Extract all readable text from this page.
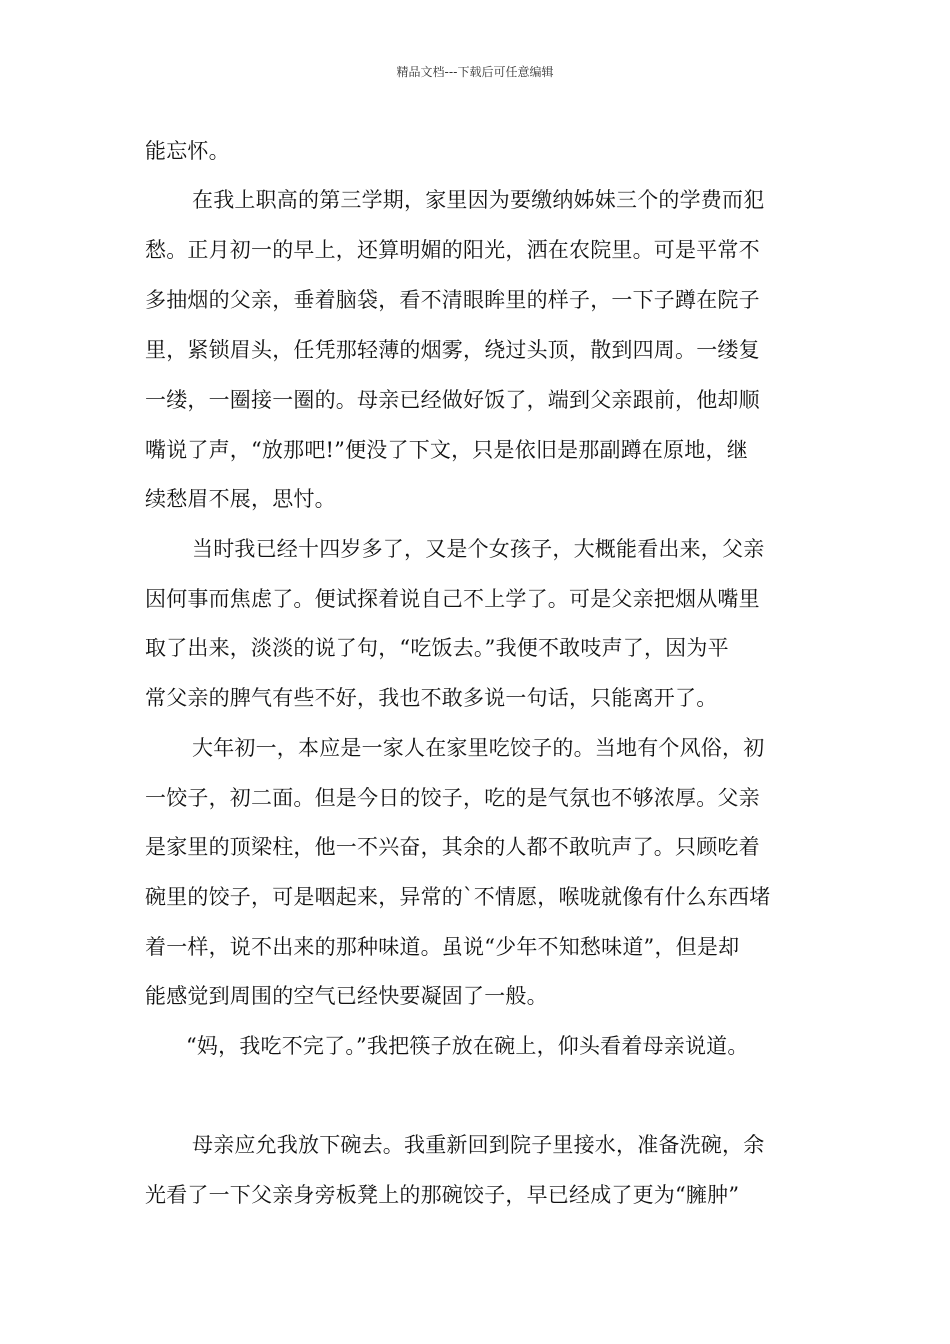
精品文档---下载后可任意编辑
能忘怀。
在我上职高的第三学期，家里因为要缴纳姊妹三个的学费而犯
愁。正月初一的早上，还算明媚的阳光，洒在农院里。可是平常不
多抽烟的父亲，垂着脑袋，看不清眼眸里的样子，一下子蹲在院子
里，紧锁眉头，任凭那轻薄的烟雾，绕过头顶，散到四周。一缕复
一缕，一圈接一圈的。母亲已经做好饭了，端到父亲跟前，他却顺
嘴说了声，“放那吧!”便没了下文，只是依旧是那副蹲在原地，继
续愁眉不展，思忖。
当时我已经十四岁多了，又是个女孩子，大概能看出来，父亲
因何事而焦虑了。便试探着说自己不上学了。可是父亲把烟从嘴里
取了出来，淡淡的说了句，“吃饭去。”我便不敢吱声了，因为平
常父亲的脾气有些不好，我也不敢多说一句话，只能离开了。
大年初一，本应是一家人在家里吃饺子的。当地有个风俗，初
一饺子，初二面。但是今日的饺子，吃的是气氛也不够浓厚。父亲
是家里的顶梁柱，他一不兴奋，其余的人都不敢吭声了。只顾吃着
碗里的饺子，可是咽起来，异常的`不情愿，喉咙就像有什么东西堵
着一样，说不出来的那种味道。虽说“少年不知愁味道”，但是却
能感觉到周围的空气已经快要凝固了一般。
“妈，我吃不完了。”我把筷子放在碗上，仰头看着母亲说道。
母亲应允我放下碗去。我重新回到院子里接水，准备洗碗，余
光看了一下父亲身旁板凳上的那碗饺子，早已经成了更为“臃肿”
